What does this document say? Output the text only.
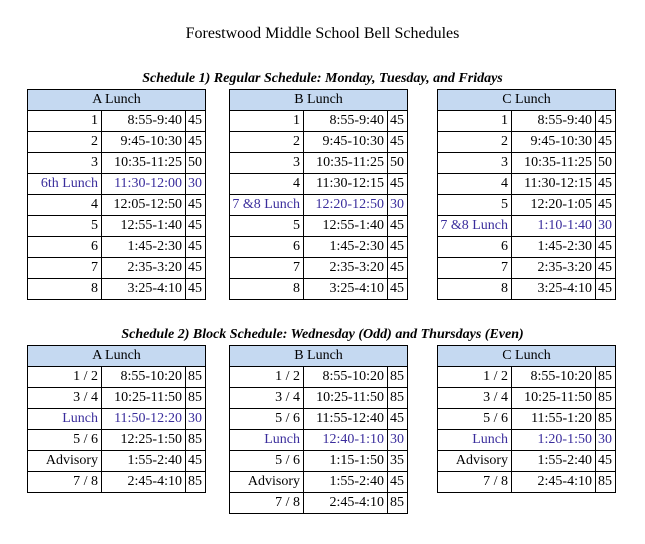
Forestwood Middle School Bell Schedules
Schedule 1) Regular Schedule: Monday, Tuesday, and Fridays
A Lunch		
1	8:55-9:40	45
2	9:45-10:30	45
3	10:35-11:25	50
6th Lunch	11:30-12:00	30
4	12:05-12:50	45
5	12:55-1:40	45
6	1:45-2:30	45
7	2:35-3:20	45
8	3:25-4:10	45
B Lunch		
1	8:55-9:40	45
2	9:45-10:30	45
3	10:35-11:25	50
4	11:30-12:15	45
7 &8 Lunch	12:20-12:50	30
5	12:55-1:40	45
6	1:45-2:30	45
7	2:35-3:20	45
8	3:25-4:10	45
C Lunch		
1	8:55-9:40	45
2	9:45-10:30	45
3	10:35-11:25	50
4	11:30-12:15	45
5	12:20-1:05	45
7 &8 Lunch	1:10-1:40	30
6	1:45-2:30	45
7	2:35-3:20	45
8	3:25-4:10	45
Schedule 2) Block Schedule: Wednesday (Odd) and Thursdays (Even)
A Lunch		
1 / 2	8:55-10:20	85
3 / 4	10:25-11:50	85
Lunch	11:50-12:20	30
5 / 6	12:25-1:50	85
Advisory	1:55-2:40	45
7 / 8	2:45-4:10	85
B Lunch		
1 / 2	8:55-10:20	85
3 / 4	10:25-11:50	85
5 / 6	11:55-12:40	45
Lunch	12:40-1:10	30
5 / 6	1:15-1:50	35
Advisory	1:55-2:40	45
7 / 8	2:45-4:10	85
C Lunch		
1 / 2	8:55-10:20	85
3 / 4	10:25-11:50	85
5 / 6	11:55-1:20	85
Lunch	1:20-1:50	30
Advisory	1:55-2:40	45
7 / 8	2:45-4:10	85
